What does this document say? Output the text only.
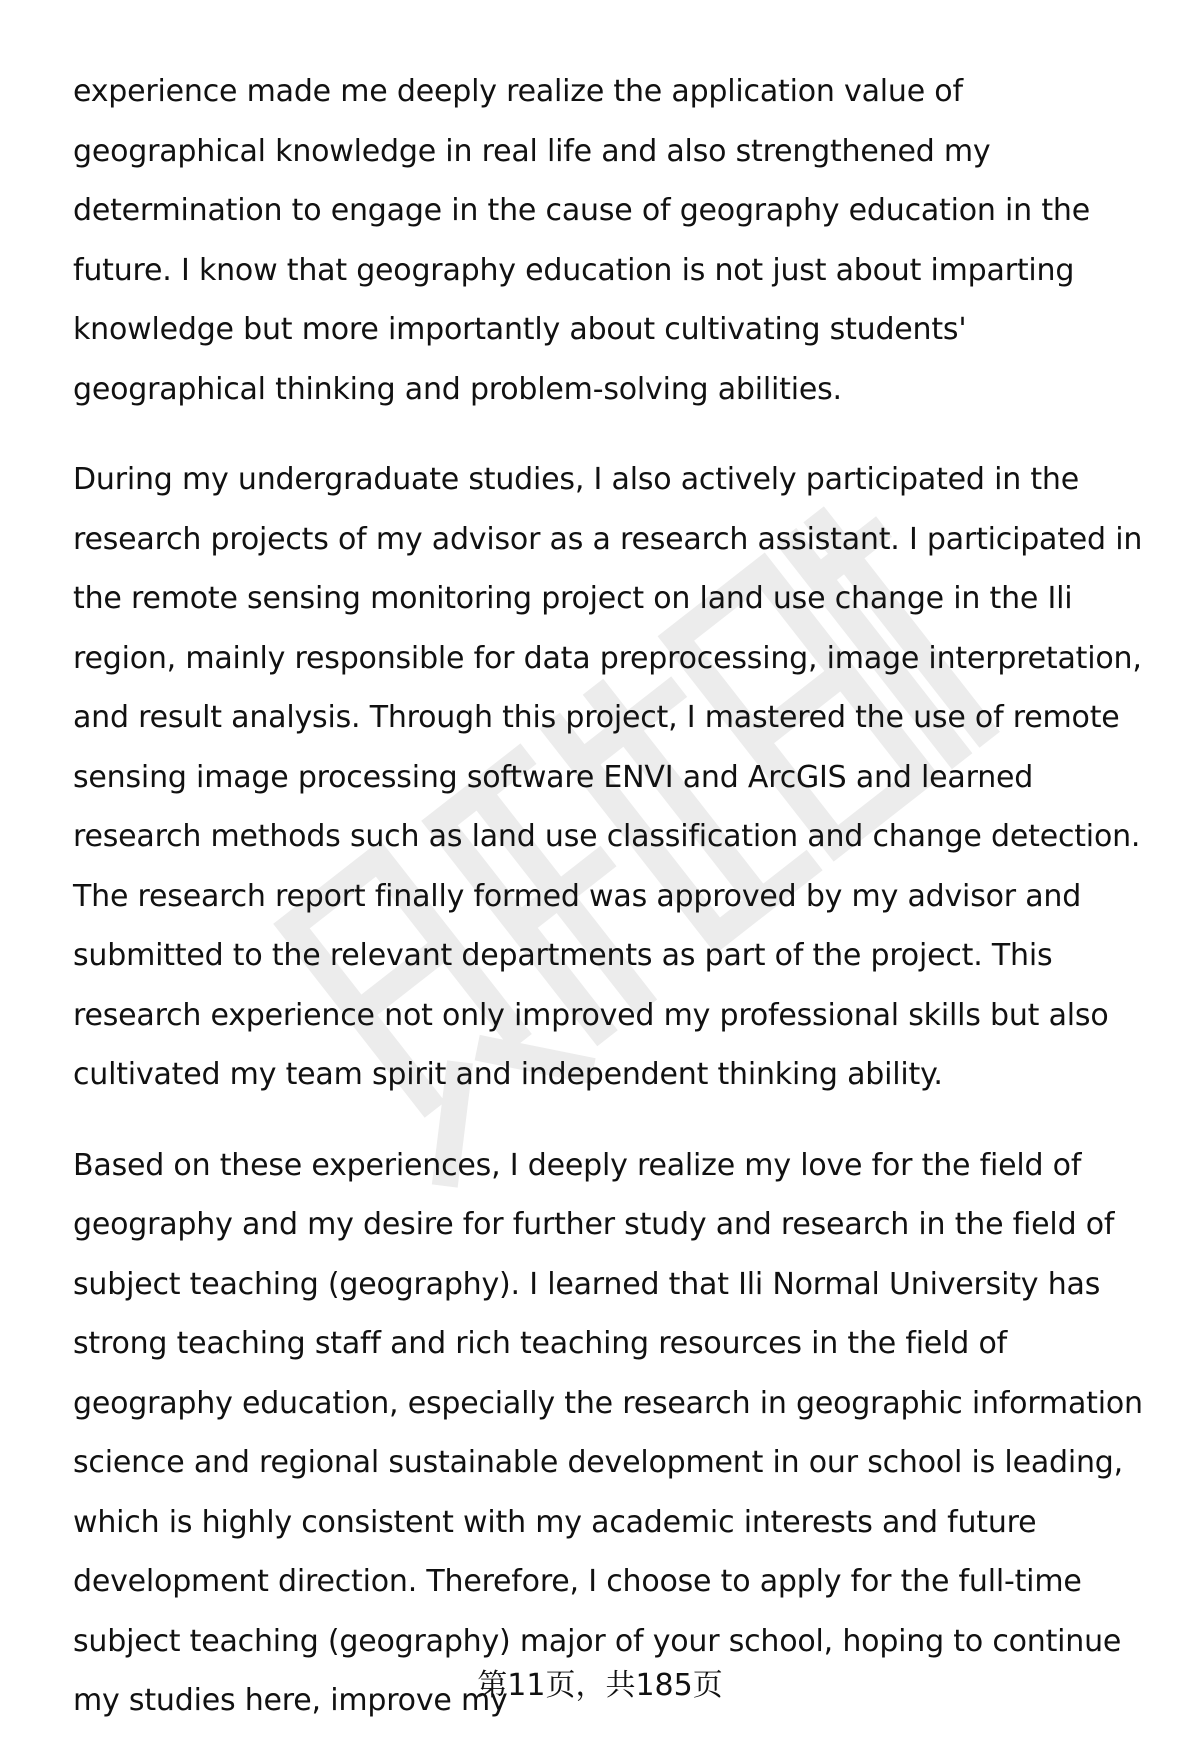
experience made me deeply realize the application value of geographical knowledge in real life and also strengthened my determination to engage in the cause of geography education in the future. I know that geography education is not just about imparting knowledge but more importantly about cultivating students' geographical thinking and problem-solving abilities.

During my undergraduate studies, I also actively participated in the research projects of my advisor as a research assistant. I participated in the remote sensing monitoring project on land use change in the Ili region, mainly responsible for data preprocessing, image interpretation, and result analysis. Through this project, I mastered the use of remote sensing image processing software ENVI and ArcGIS and learned research methods such as land use classification and change detection. The research report finally formed was approved by my advisor and submitted to the relevant departments as part of the project. This research experience not only improved my professional skills but also cultivated my team spirit and independent thinking ability.

Based on these experiences, I deeply realize my love for the field of geography and my desire for further study and research in the field of subject teaching (geography). I learned that Ili Normal University has strong teaching staff and rich teaching resources in the field of geography education, especially the research in geographic information science and regional sustainable development in our school is leading, which is highly consistent with my academic interests and future development direction. Therefore, I choose to apply for the full-time subject teaching (geography) major of your school, hoping to continue my studies here, improve my

第11页，共185页
